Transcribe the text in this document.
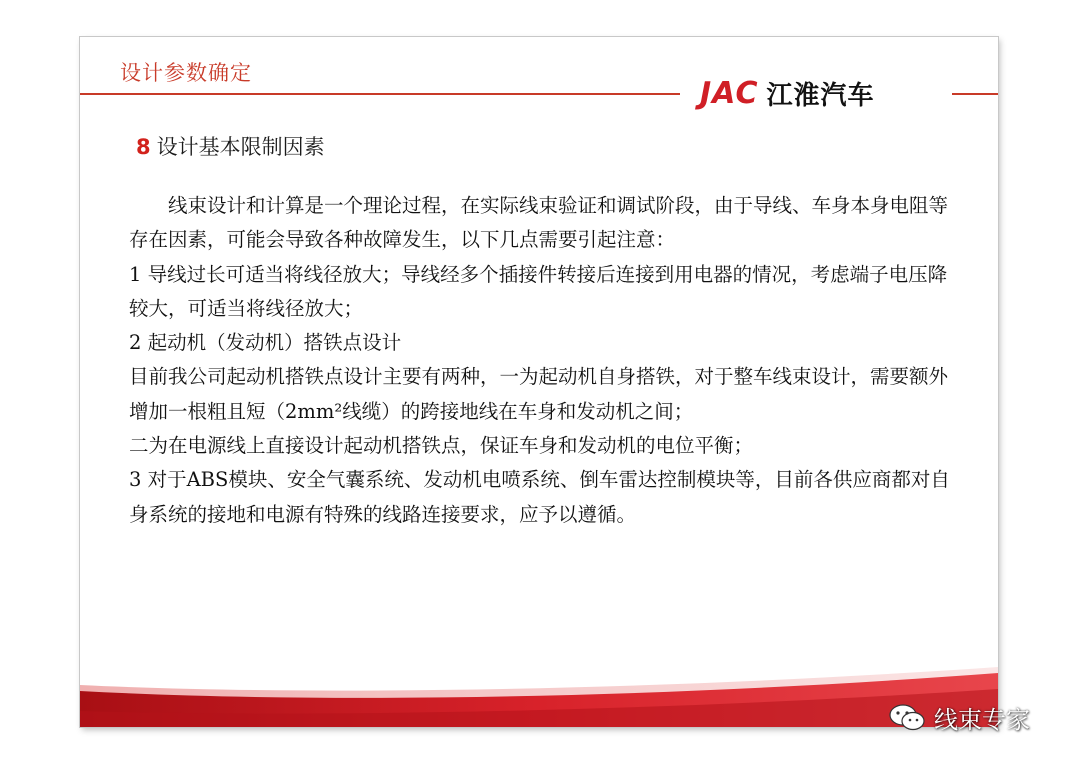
设计参数确定
JAC 江淮汽车
8 设计基本限制因素

线束设计和计算是一个理论过程，在实际线束验证和调试阶段，由于导线、车身本身电阻等存在因素，可能会导致各种故障发生，以下几点需要引起注意：

1 导线过长可适当将线径放大；导线经多个插接件转接后连接到用电器的情况，考虑端子电压降较大，可适当将线径放大；

2 起动机（发动机）搭铁点设计

目前我公司起动机搭铁点设计主要有两种，一为起动机自身搭铁，对于整车线束设计，需要额外增加一根粗且短（2mm²线缆）的跨接地线在车身和发动机之间；

二为在电源线上直接设计起动机搭铁点，保证车身和发动机的电位平衡；

3 对于ABS模块、安全气囊系统、发动机电喷系统、倒车雷达控制模块等，目前各供应商都对自身系统的接地和电源有特殊的线路连接要求，应予以遵循。

线束专家
